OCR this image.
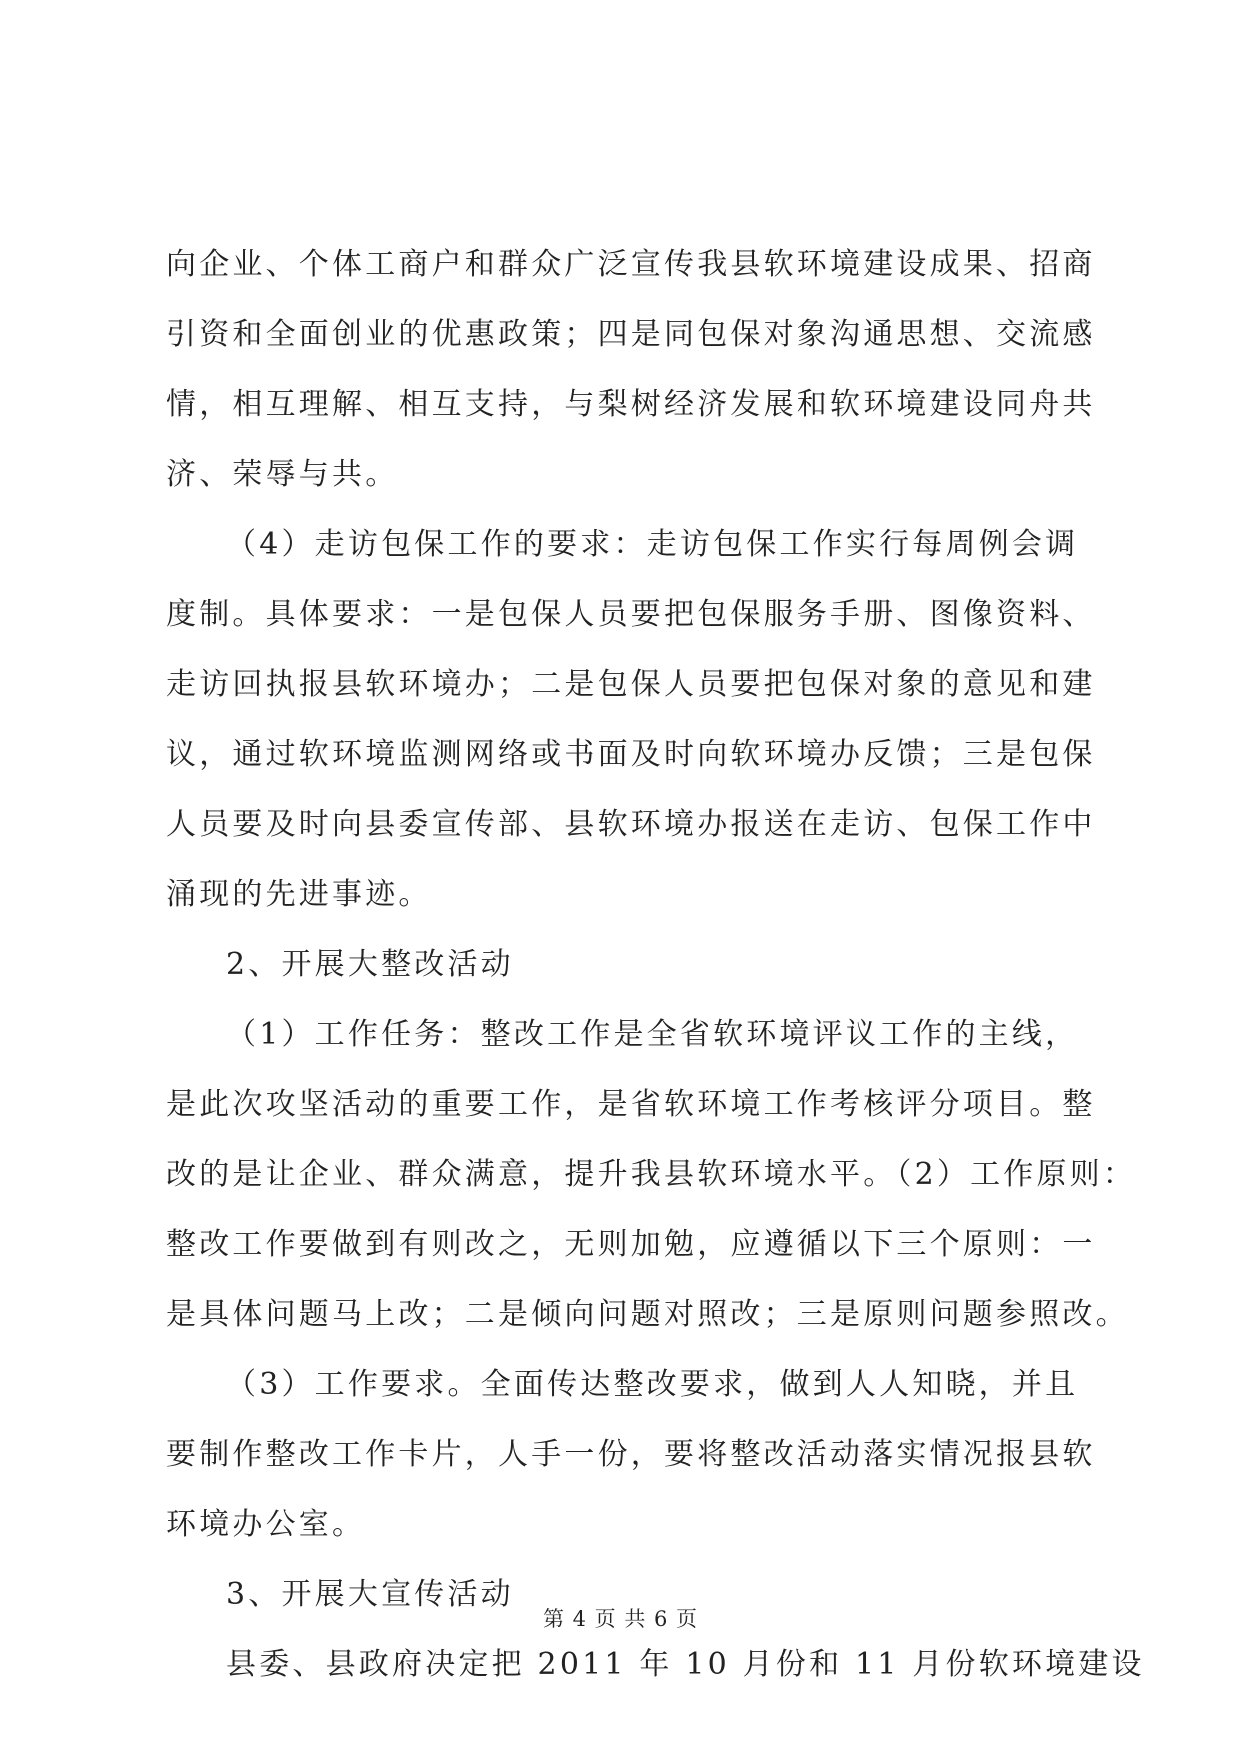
向企业、个体工商户和群众广泛宣传我县软环境建设成果、招商
引资和全面创业的优惠政策；四是同包保对象沟通思想、交流感
情，相互理解、相互支持，与梨树经济发展和软环境建设同舟共
济、荣辱与共。
（4）走访包保工作的要求：走访包保工作实行每周例会调
度制。具体要求：一是包保人员要把包保服务手册、图像资料、
走访回执报县软环境办；二是包保人员要把包保对象的意见和建
议，通过软环境监测网络或书面及时向软环境办反馈；三是包保
人员要及时向县委宣传部、县软环境办报送在走访、包保工作中
涌现的先进事迹。
2、开展大整改活动
（1）工作任务：整改工作是全省软环境评议工作的主线，
是此次攻坚活动的重要工作，是省软环境工作考核评分项目。整
改的是让企业、群众满意，提升我县软环境水平。（2）工作原则：
整改工作要做到有则改之，无则加勉，应遵循以下三个原则：一
是具体问题马上改；二是倾向问题对照改；三是原则问题参照改。
（3）工作要求。全面传达整改要求，做到人人知晓，并且
要制作整改工作卡片，人手一份，要将整改活动落实情况报县软
环境办公室。
3、开展大宣传活动
县委、县政府决定把 2011 年 10 月份和 11 月份软环境建设
第 4 页 共 6 页
